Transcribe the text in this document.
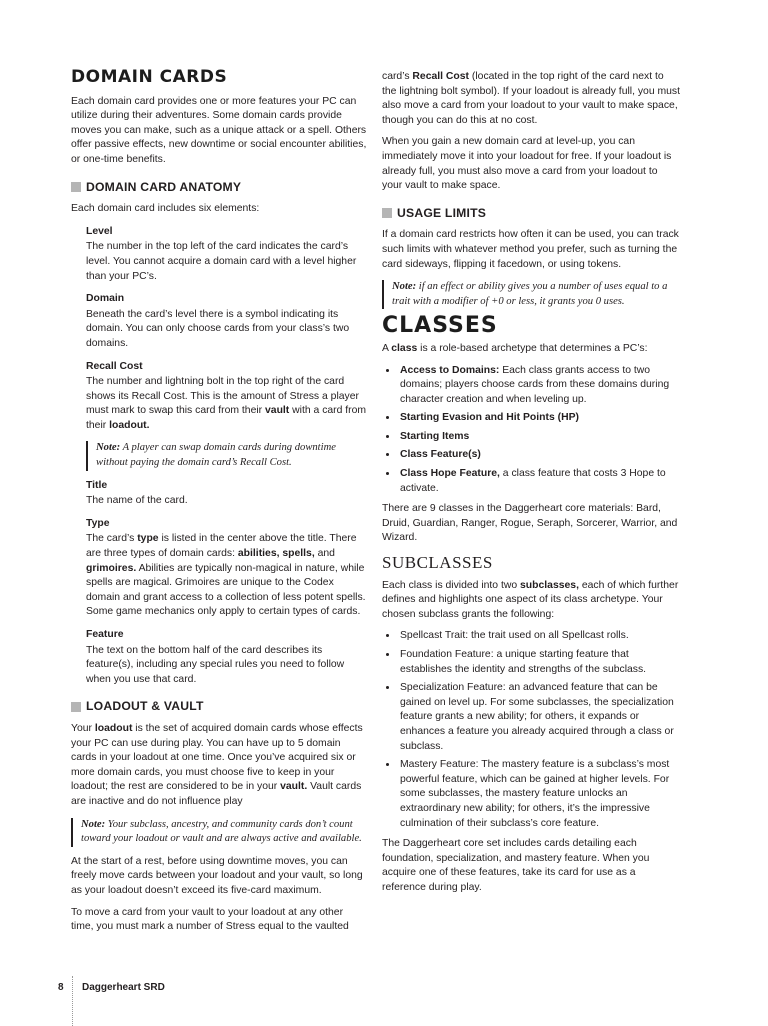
DOMAIN CARDS

Each domain card provides one or more features your PC can utilize during their adventures. Some domain cards provide moves you can make, such as a unique attack or a spell. Others offer passive effects, new downtime or social encounter abilities, or one-time benefits.

DOMAIN CARD ANATOMY

Each domain card includes six elements:

Level

The number in the top left of the card indicates the card’s level. You cannot acquire a domain card with a level higher than your PC’s.

Domain

Beneath the card’s level there is a symbol indicating its domain. You can only choose cards from your class’s two domains.

Recall Cost

The number and lightning bolt in the top right of the card shows its Recall Cost. This is the amount of Stress a player must mark to swap this card from their vault with a card from their loadout.

Note: A player can swap domain cards during downtime without paying the domain card’s Recall Cost.
Title

The name of the card.

Type

The card’s type is listed in the center above the title. There are three types of domain cards: abilities, spells, and grimoires. Abilities are typically non-magical in nature, while spells are magical. Grimoires are unique to the Codex domain and grant access to a collection of less potent spells. Some game mechanics only apply to certain types of cards.

Feature

The text on the bottom half of the card describes its feature(s), including any special rules you need to follow when you use that card.

LOADOUT & VAULT

Your loadout is the set of acquired domain cards whose effects your PC can use during play. You can have up to 5 domain cards in your loadout at one time. Once you’ve acquired six or more domain cards, you must choose five to keep in your loadout; the rest are considered to be in your vault. Vault cards are inactive and do not influence play

Note: Your subclass, ancestry, and community cards don’t count toward your loadout or vault and are always active and available.

At the start of a rest, before using downtime moves, you can freely move cards between your loadout and your vault, so long as your loadout doesn’t exceed its five-card maximum.

To move a card from your vault to your loadout at any other time, you must mark a number of Stress equal to the vaulted

card’s Recall Cost (located in the top right of the card next to the lightning bolt symbol). If your loadout is already full, you must also move a card from your loadout to your vault to make space, though you can do this at no cost.

When you gain a new domain card at level-up, you can immediately move it into your loadout for free. If your loadout is already full, you must also move a card from your loadout to your vault to make space.

USAGE LIMITS

If a domain card restricts how often it can be used, you can track such limits with whatever method you prefer, such as turning the card sideways, flipping it facedown, or using tokens.

Note: if an effect or ability gives you a number of uses equal to a trait with a modifier of +0 or less, it grants you 0 uses.
CLASSES

A class is a role-based archetype that determines a PC’s:

• Access to Domains: Each class grants access to two domains; players choose cards from these domains during character creation and when leveling up.
• Starting Evasion and Hit Points (HP)
• Starting Items
• Class Feature(s)
• Class Hope Feature, a class feature that costs 3 Hope to activate.

There are 9 classes in the Daggerheart core materials: Bard, Druid, Guardian, Ranger, Rogue, Seraph, Sorcerer, Warrior, and Wizard.

SUBCLASSES

Each class is divided into two subclasses, each of which further defines and highlights one aspect of its class archetype. Your chosen subclass grants the following:

• Spellcast Trait: the trait used on all Spellcast rolls.
• Foundation Feature: a unique starting feature that establishes the identity and strengths of the subclass.
• Specialization Feature: an advanced feature that can be gained on level up. For some subclasses, the specialization feature grants a new ability; for others, it expands or enhances a feature you already acquired through a class or subclass.
• Mastery Feature: The mastery feature is a subclass’s most powerful feature, which can be gained at higher levels. For some subclasses, the mastery feature unlocks an extraordinary new ability; for others, it’s the impressive culmination of their subclass’s core feature.

The Daggerheart core set includes cards detailing each foundation, specialization, and mastery feature. When you acquire one of these features, take its card for use as a reference during play.

8	Daggerheart SRD
